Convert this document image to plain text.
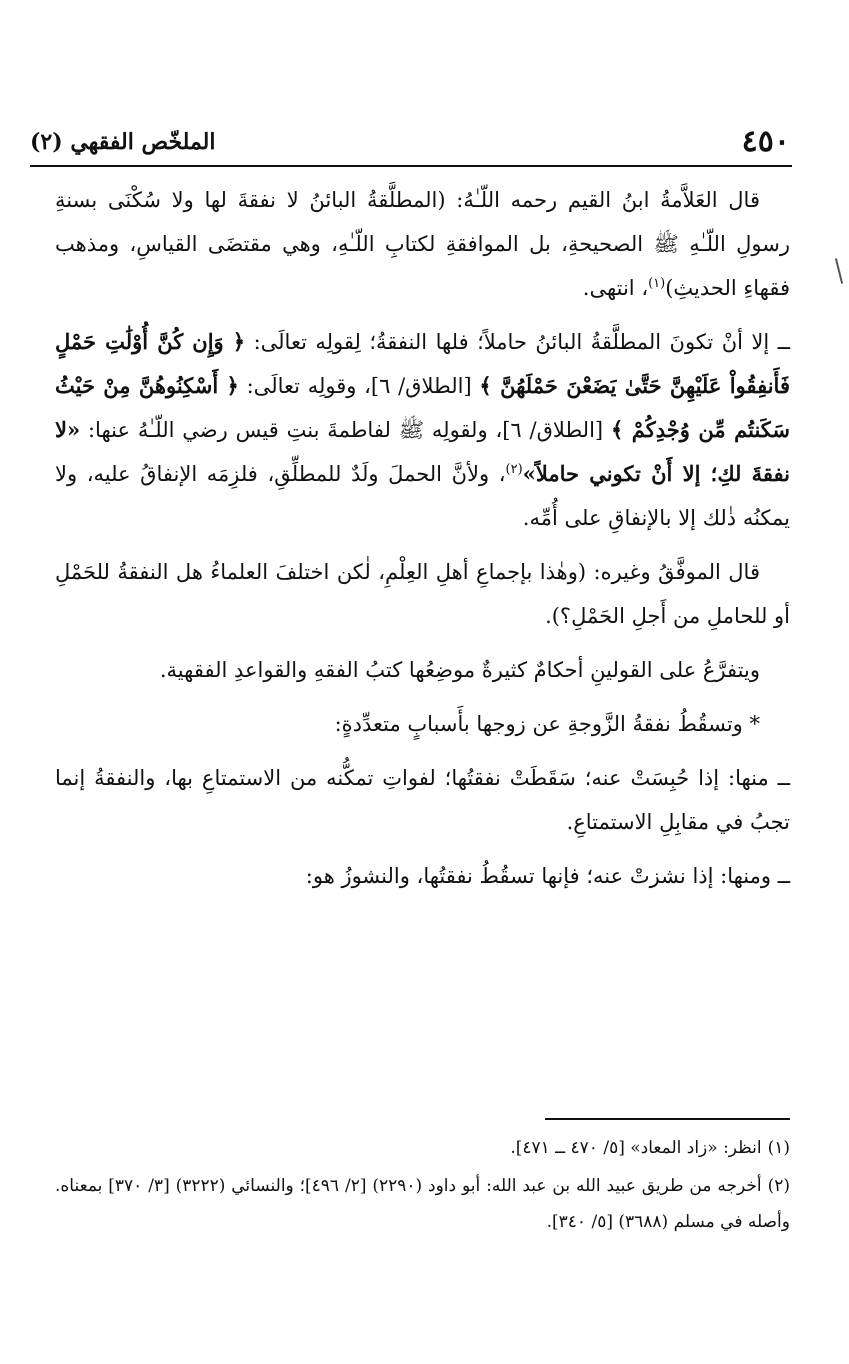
٤٥٠
الملخّص الفقهي (٢)

قال العَلاَّمةُ ابنُ القيم رحمه اللّـٰهُ: (المطلَّقةُ البائنُ لا نفقةَ لها ولا سُكْنَى بسنةِ رسولِ اللّـٰهِ ﷺ الصحيحةِ، بل الموافقةِ لكتابِ اللّـٰهِ، وهي مقتضَى القياسِ، ومذهب فقهاءِ الحديثِ)$^{(١)}$، انتهى.

ــ إلا أنْ تكونَ المطلَّقةُ البائنُ حاملاً؛ فلها النفقةُ؛ لِقولِه تعالَى: ﴿ وَإِن كُنَّ أُوْلَٰتِ حَمْلٍ فَأَنفِقُواْ عَلَيْهِنَّ حَتَّىٰ يَضَعْنَ حَمْلَهُنَّ ﴾ [الطلاق/ ٦]، وقولِه تعالَى: ﴿ أَسْكِنُوهُنَّ مِنْ حَيْثُ سَكَنتُم مِّن وُجْدِكُمْ ﴾ [الطلاق/ ٦]، ولقولِه ﷺ لفاطمةَ بنتِ قيس رضي اللّـٰهُ عنها: «لا نفقةَ لكِ؛ إلا أَنْ تكوني حاملاً»$^{(٢)}$، ولأنَّ الحملَ ولَدٌ للمطلِّقِ، فلزِمَه الإنفاقُ عليه، ولا يمكنُه ذٰلك إلا بالإنفاقِ على أُمِّه.

قال الموفَّقُ وغيره: (وهٰذا بإجماعِ أهلِ العِلْمِ، لٰكن اختلفَ العلماءُ هل النفقةُ للحَمْلِ أو للحاملِ من أَجلِ الحَمْلِ؟).

ويتفرَّعُ على القولينِ أحكامٌ كثيرةٌ موضِعُها كتبُ الفقهِ والقواعدِ الفقهية.

* وتسقُطُ نفقةُ الزَّوجةِ عن زوجها بأَسبابٍ متعدِّدةٍ:

ــ منها: إذا حُبِسَتْ عنه؛ سَقَطَتْ نفقتُها؛ لفواتِ تمكُّنه من الاستمتاعِ بها، والنفقةُ إنما تجبُ في مقابِلِ الاستمتاعِ.

ــ ومنها: إذا نشزتْ عنه؛ فإنها تسقُطُ نفقتُها، والنشوزُ هو:

(١)انظر: «زاد المعاد» [٥/ ٤٧٠ ــ ٤٧١].

(٢)أخرجه من طريق عبيد الله بن عبد الله: أبو داود (٢٢٩٠) [٢/ ٤٩٦]؛ والنسائي (٣٢٢٢) [٣/ ٣٧٠] بمعناه. وأصله في مسلم (٣٦٨٨) [٥/ ٣٤٠].
